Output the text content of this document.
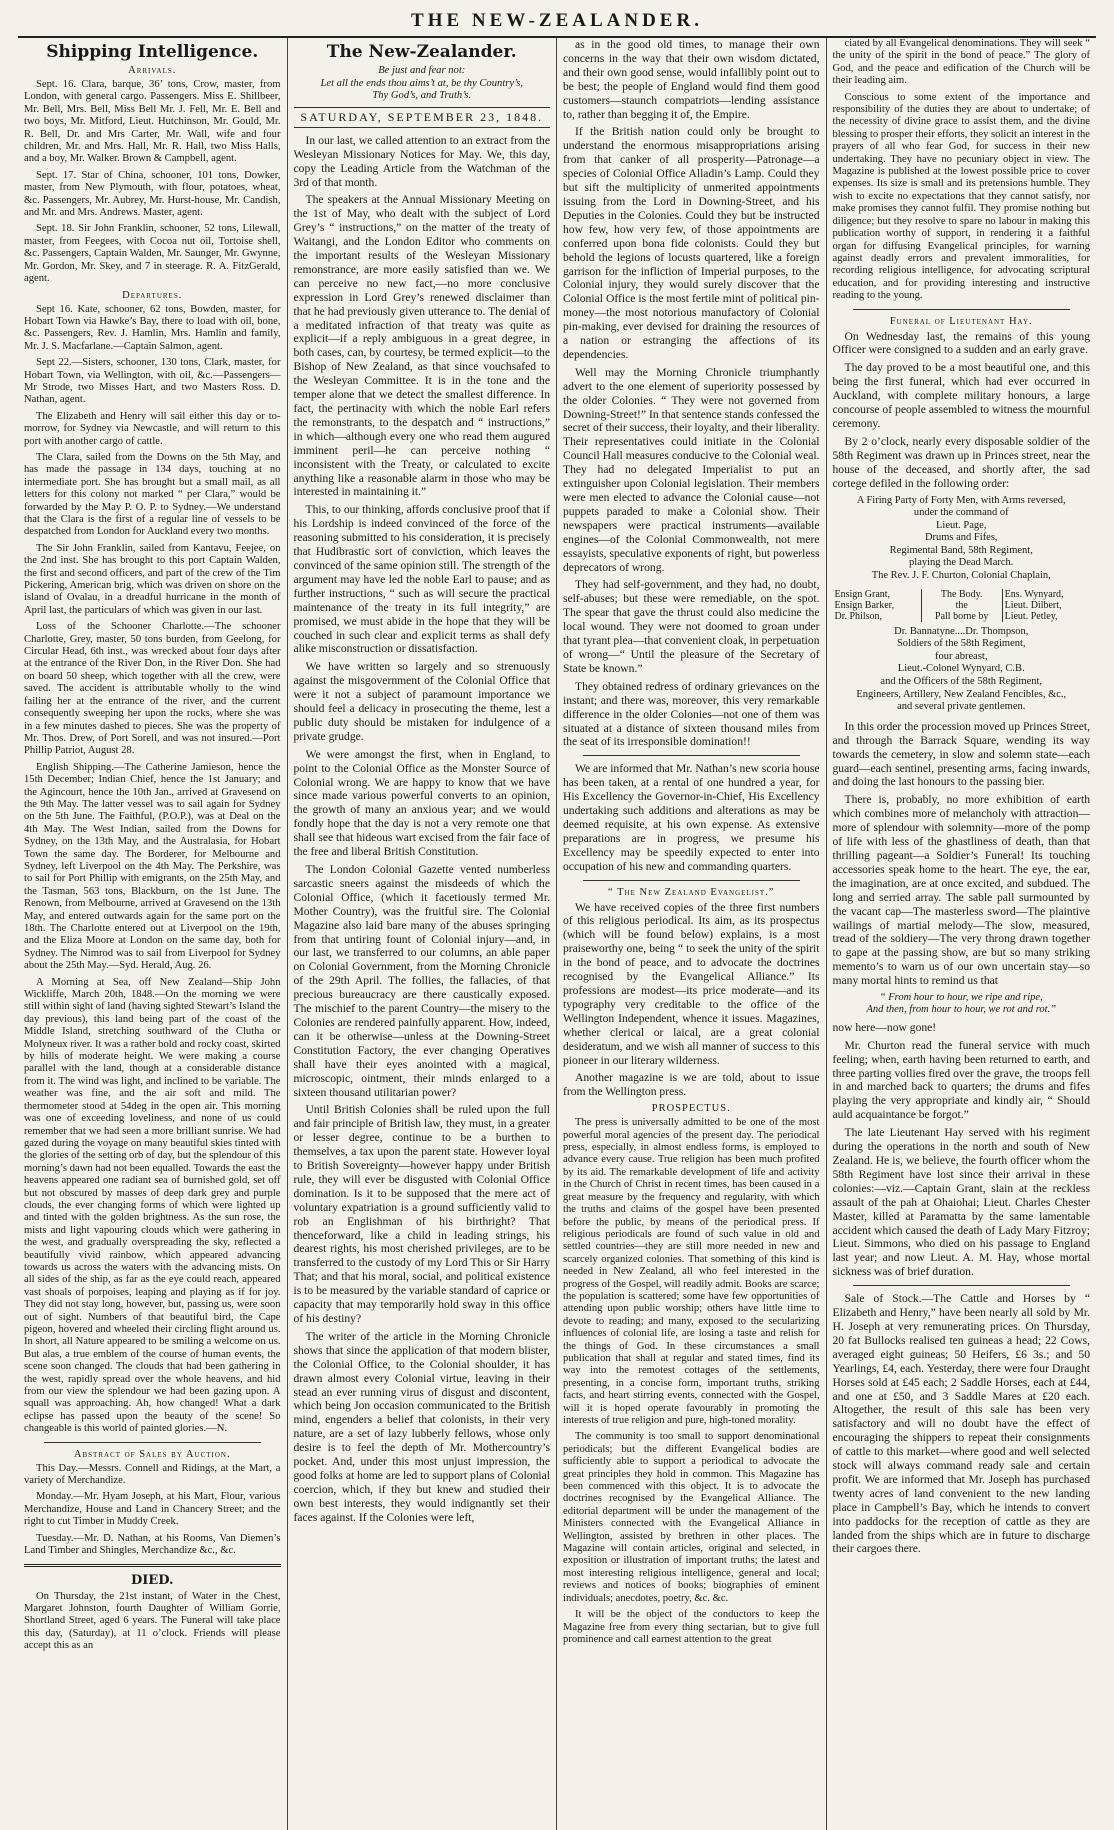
THE NEW-ZEALANDER.
Shipping Intelligence.
Arrivals.

Sept. 16. Clara, barque, 36’ tons, Crow, master, from London, with general cargo. Passengers. Miss E. Shillbeer, Mr. Bell, Mrs. Bell, Miss Bell Mr. J. Fell, Mr. E. Bell and two boys, Mr. Mitford, Lieut. Hutchinson, Mr. Gould, Mr. R. Bell, Dr. and Mrs Carter, Mr. Wall, wife and four children, Mr. and Mrs. Hall, Mr. R. Hall, two Miss Halls, and a boy, Mr. Walker. Brown & Campbell, agent.

Sept. 17. Star of China, schooner, 101 tons, Dowker, master, from New Plymouth, with flour, potatoes, wheat, &c. Passengers, Mr. Aubrey, Mr. Hurst-house, Mr. Candish, and Mr. and Mrs. Andrews. Master, agent.

Sept. 18. Sir John Franklin, schooner, 52 tons, Lilewall, master, from Feegees, with Cocoa nut oil, Tortoise shell, &c. Passengers, Captain Walden, Mr. Saunger, Mr. Gwynne, Mr. Gordon, Mr. Skey, and 7 in steerage. R. A. FitzGerald, agent.

Departures.

Sept 16. Kate, schooner, 62 tons, Bowden, master, for Hobart Town via Hawke’s Bay, there to load with oil, bone, &c. Passengers, Rev. J. Hamlin, Mrs. Hamlin and family, Mr. J. S. Macfarlane.—Captain Salmon, agent.

Sept 22.—Sisters, schooner, 130 tons, Clark, master, for Hobart Town, via Wellington, with oil, &c.—Passengers—Mr Strode, two Misses Hart, and two Masters Ross. D. Nathan, agent.

The Elizabeth and Henry will sail either this day or to-morrow, for Sydney via Newcastle, and will return to this port with another cargo of cattle.

The Clara, sailed from the Downs on the 5th May, and has made the passage in 134 days, touching at no intermediate port. She has brought but a small mail, as all letters for this colony not marked “ per Clara,” would be forwarded by the May P. O. P. to Sydney.—We understand that the Clara is the first of a regular line of vessels to be despatched from London for Auckland every two months.

The Sir John Franklin, sailed from Kantavu, Feejee, on the 2nd inst. She has brought to this port Captain Walden, the first and second officers, and part of the crew of the Tim Pickering, American brig, which was driven on shore on the island of Ovalau, in a dreadful hurricane in the month of April last, the particulars of which was given in our last.

Loss of the Schooner Charlotte.—The schooner Charlotte, Grey, master, 50 tons burden, from Geelong, for Circular Head, 6th inst., was wrecked about four days after at the entrance of the River Don, in the River Don. She had on board 50 sheep, which together with all the crew, were saved. The accident is attributable wholly to the wind failing her at the entrance of the river, and the current consequently sweeping her upon the rocks, where she was in a few minutes dashed to pieces. She was the property of Mr. Thos. Drew, of Port Sorell, and was not insured.—Port Phillip Patriot, August 28.

English Shipping.—The Catherine Jamieson, hence the 15th December; Indian Chief, hence the 1st January; and the Agincourt, hence the 10th Jan., arrived at Gravesend on the 9th May. The latter vessel was to sail again for Sydney on the 5th June. The Faithful, (P.O.P.), was at Deal on the 4th May. The West Indian, sailed from the Downs for Sydney, on the 13th May, and the Australasia, for Hobart Town the same day. The Borderer, for Melbourne and Sydney, left Liverpool on the 4th May. The Perkshire, was to sail for Port Phillip with emigrants, on the 25th May, and the Tasman, 563 tons, Blackburn, on the 1st June. The Renown, from Melbourne, arrived at Gravesend on the 13th May, and entered outwards again for the same port on the 18th. The Charlotte entered out at Liverpool on the 19th, and the Eliza Moore at London on the same day, both for Sydney. The Nimrod was to sail from Liverpool for Sydney about the 25th May.—Syd. Herald, Aug. 26.

A Morning at Sea, off New Zealand—Ship John Wickliffe, March 20th, 1848.—On the morning we were still within sight of land (having sighted Stewart’s Island the day previous), this land being part of the coast of the Middle Island, stretching southward of the Clutha or Molyneux river. It was a rather bold and rocky coast, skirted by hills of moderate height. We were making a course parallel with the land, though at a considerable distance from it. The wind was light, and inclined to be variable. The weather was fine, and the air soft and mild. The thermometer stood at 54deg in the open air. This morning was one of exceeding loveliness, and none of us could remember that we had seen a more brilliant sunrise. We had gazed during the voyage on many beautiful skies tinted with the glories of the setting orb of day, but the splendour of this morning’s dawn had not been equalled. Towards the east the heavens appeared one radiant sea of burnished gold, set off but not obscured by masses of deep dark grey and purple clouds, the ever changing forms of which were lighted up and tinted with the golden brightness. As the sun rose, the mists and light vapouring clouds which were gathering in the west, and gradually overspreading the sky, reflected a beautifully vivid rainbow, which appeared advancing towards us across the waters with the advancing mists. On all sides of the ship, as far as the eye could reach, appeared vast shoals of porpoises, leaping and playing as if for joy. They did not stay long, however, but, passing us, were soon out of sight. Numbers of that beautiful bird, the Cape pigeon, hovered and wheeled their circling flight around us. In short, all Nature appeared to be smiling a welcome on us. But alas, a true emblem of the course of human events, the scene soon changed. The clouds that had been gathering in the west, rapidly spread over the whole heavens, and hid from our view the splendour we had been gazing upon. A squall was approaching. Ah, how changed! What a dark eclipse has passed upon the beauty of the scene! So changeable is this world of painted glories.—N.

Abstract of Sales by Auction.

This Day.—Messrs. Connell and Ridings, at the Mart, a variety of Merchandize.

Monday.—Mr. Hyam Joseph, at his Mart, Flour, various Merchandize, House and Land in Chancery Street; and the right to cut Timber in Muddy Creek.

Tuesday.—Mr. D. Nathan, at his Rooms, Van Diemen’s Land Timber and Shingles, Merchandize &c., &c.

DIED.

On Thursday, the 21st instant, of Water in the Chest, Margaret Johnston, fourth Daughter of William Gorrie, Shortland Street, aged 6 years. The Funeral will take place this day, (Saturday), at 11 o’clock. Friends will please accept this as an

The New-Zealander.
Be just and fear not:
Let all the ends thou aims’t at, be thy Country’s,
Thy God’s, and Truth’s.
SATURDAY, SEPTEMBER 23, 1848.

In our last, we called attention to an extract from the Wesleyan Missionary Notices for May. We, this day, copy the Leading Article from the Watchman of the 3rd of that month.

The speakers at the Annual Missionary Meeting on the 1st of May, who dealt with the subject of Lord Grey’s “ instructions,” on the matter of the treaty of Waitangi, and the London Editor who comments on the important results of the Wesleyan Missionary remonstrance, are more easily satisfied than we. We can perceive no new fact,—no more conclusive expression in Lord Grey’s renewed disclaimer than that he had previously given utterance to. The denial of a meditated infraction of that treaty was quite as explicit—if a reply ambiguous in a great degree, in both cases, can, by courtesy, be termed explicit—to the Bishop of New Zealand, as that since vouchsafed to the Wesleyan Committee. It is in the tone and the temper alone that we detect the smallest difference. In fact, the pertinacity with which the noble Earl refers the remonstrants, to the despatch and “ instructions,” in which—although every one who read them augured imminent peril—he can perceive nothing “ inconsistent with the Treaty, or calculated to excite anything like a reasonable alarm in those who may be interested in maintaining it.”

This, to our thinking, affords conclusive proof that if his Lordship is indeed convinced of the force of the reasoning submitted to his consideration, it is precisely that Hudibrastic sort of conviction, which leaves the convinced of the same opinion still. The strength of the argument may have led the noble Earl to pause; and as further instructions, “ such as will secure the practical maintenance of the treaty in its full integrity,” are promised, we must abide in the hope that they will be couched in such clear and explicit terms as shall defy alike misconstruction or dissatisfaction.

We have written so largely and so strenuously against the misgovernment of the Colonial Office that were it not a subject of paramount importance we should feel a delicacy in prosecuting the theme, lest a public duty should be mistaken for indulgence of a private grudge.

We were amongst the first, when in England, to point to the Colonial Office as the Monster Source of Colonial wrong. We are happy to know that we have since made various powerful converts to an opinion, the growth of many an anxious year; and we would fondly hope that the day is not a very remote one that shall see that hideous wart excised from the fair face of the free and liberal British Constitution.

The London Colonial Gazette vented numberless sarcastic sneers against the misdeeds of which the Colonial Office, (which it facetiously termed Mr. Mother Country), was the fruitful sire. The Colonial Magazine also laid bare many of the abuses springing from that untiring fount of Colonial injury—and, in our last, we transferred to our columns, an able paper on Colonial Government, from the Morning Chronicle of the 29th April. The follies, the fallacies, of that precious bureaucracy are there caustically exposed. The mischief to the parent Country—the misery to the Colonies are rendered painfully apparent. How, indeed, can it be otherwise—unless at the Downing-Street Constitution Factory, the ever changing Operatives shall have their eyes anointed with a magical, microscopic, ointment, their minds enlarged to a sixteen thousand utilitarian power?

Until British Colonies shall be ruled upon the full and fair principle of British law, they must, in a greater or lesser degree, continue to be a burthen to themselves, a tax upon the parent state. However loyal to British Sovereignty—however happy under British rule, they will ever be disgusted with Colonial Office domination. Is it to be supposed that the mere act of voluntary expatriation is a ground sufficiently valid to rob an Englishman of his birthright? That thenceforward, like a child in leading strings, his dearest rights, his most cherished privileges, are to be transferred to the custody of my Lord This or Sir Harry That; and that his moral, social, and political existence is to be measured by the variable standard of caprice or capacity that may temporarily hold sway in this office of his destiny?

The writer of the article in the Morning Chronicle shows that since the application of that modern blister, the Colonial Office, to the Colonial shoulder, it has drawn almost every Colonial virtue, leaving in their stead an ever running virus of disgust and discontent, which being Jon occasion communicated to the British mind, engenders a belief that colonists, in their very nature, are a set of lazy lubberly fellows, whose only desire is to feel the depth of Mr. Mothercountry’s pocket. And, under this most unjust impression, the good folks at home are led to support plans of Colonial coercion, which, if they but knew and studied their own best interests, they would indignantly set their faces against. If the Colonies were left,

as in the good old times, to manage their own concerns in the way that their own wisdom dictated, and their own good sense, would infallibly point out to be best; the people of England would find them good customers—staunch compatriots—lending assistance to, rather than begging it of, the Empire.

If the British nation could only be brought to understand the enormous misappropriations arising from that canker of all prosperity—Patronage—a species of Colonial Office Alladin’s Lamp. Could they but sift the multiplicity of unmerited appointments issuing from the Lord in Downing-Street, and his Deputies in the Colonies. Could they but be instructed how few, how very few, of those appointments are conferred upon bona fide colonists. Could they but behold the legions of locusts quartered, like a foreign garrison for the infliction of Imperial purposes, to the Colonial injury, they would surely discover that the Colonial Office is the most fertile mint of political pin-money—the most notorious manufactory of Colonial pin-making, ever devised for draining the resources of a nation or estranging the affections of its dependencies.

Well may the Morning Chronicle triumphantly advert to the one element of superiority possessed by the older Colonies. “ They were not governed from Downing-Street!” In that sentence stands confessed the secret of their success, their loyalty, and their liberality. Their representatives could initiate in the Colonial Council Hall measures conducive to the Colonial weal. They had no delegated Imperialist to put an extinguisher upon Colonial legislation. Their members were men elected to advance the Colonial cause—not puppets paraded to make a Colonial show. Their newspapers were practical instruments—available engines—of the Colonial Commonwealth, not mere essayists, speculative exponents of right, but powerless deprecators of wrong.

They had self-government, and they had, no doubt, self-abuses; but these were remediable, on the spot. The spear that gave the thrust could also medicine the local wound. They were not doomed to groan under that tyrant plea—that convenient cloak, in perpetuation of wrong—“ Until the pleasure of the Secretary of State be known.”

They obtained redress of ordinary grievances on the instant; and there was, moreover, this very remarkable difference in the older Colonies—not one of them was situated at a distance of sixteen thousand miles from the seat of its irresponsible domination!!

We are informed that Mr. Nathan’s new scoria house has been taken, at a rental of one hundred a year, for His Excellency the Governor-in-Chief, His Excellency undertaking such additions and alterations as may be deemed requisite, at his own expense. As extensive preparations are in progress, we presume his Excellency may be speedily expected to enter into occupation of his new and commanding quarters.

“ The New Zealand Evangelist.”

We have received copies of the three first numbers of this religious periodical. Its aim, as its prospectus (which will be found below) explains, is a most praiseworthy one, being “ to seek the unity of the spirit in the bond of peace, and to advocate the doctrines recognised by the Evangelical Alliance.” Its professions are modest—its price moderate—and its typography very creditable to the office of the Wellington Independent, whence it issues. Magazines, whether clerical or laical, are a great colonial desideratum, and we wish all manner of success to this pioneer in our literary wilderness.

Another magazine is we are told, about to issue from the Wellington press.

PROSPECTUS.

The press is universally admitted to be one of the most powerful moral agencies of the present day. The periodical press, especially, in almost endless forms, is employed to advance every cause. True religion has been much profited by its aid. The remarkable development of life and activity in the Church of Christ in recent times, has been caused in a great measure by the frequency and regularity, with which the truths and claims of the gospel have been presented before the public, by means of the periodical press. If religious periodicals are found of such value in old and settled countries—they are still more needed in new and scarcely organized colonies. That something of this kind is needed in New Zealand, all who feel interested in the progress of the Gospel, will readily admit. Books are scarce; the population is scattered; some have few opportunities of attending upon public worship; others have little time to devote to reading; and many, exposed to the secularizing influences of colonial life, are losing a taste and relish for the things of God. In these circumstances a small publication that shall at regular and stated times, find its way into the remotest cottages of the settlements, presenting, in a concise form, important truths, striking facts, and heart stirring events, connected with the Gospel, will it is hoped operate favourably in promoting the interests of true religion and pure, high-toned morality.

The community is too small to support denominational periodicals; but the different Evangelical bodies are sufficiently able to support a periodical to advocate the great principles they hold in common. This Magazine has been commenced with this object. It is to advocate the doctrines recognised by the Evangelical Alliance. The editorial department will be under the management of the Ministers connected with the Evangelical Alliance in Wellington, assisted by brethren in other places. The Magazine will contain articles, original and selected, in exposition or illustration of important truths; the latest and most interesting religious intelligence, general and local; reviews and notices of books; biographies of eminent individuals; anecdotes, poetry, &c. &c.

It will be the object of the conductors to keep the Magazine free from every thing sectarian, but to give full prominence and call earnest attention to the great

ciated by all Evangelical denominations. They will seek “ the unity of the spirit in the bond of peace.” The glory of God, and the peace and edification of the Church will be their leading aim.

Conscious to some extent of the importance and responsibility of the duties they are about to undertake; of the necessity of divine grace to assist them, and the divine blessing to prosper their efforts, they solicit an interest in the prayers of all who fear God, for success in their new undertaking. They have no pecuniary object in view. The Magazine is published at the lowest possible price to cover expenses. Its size is small and its pretensions humble. They wish to excite no expectations that they cannot satisfy, nor make promises they cannot fulfil. They promise nothing but diligence; but they resolve to spare no labour in making this publication worthy of support, in rendering it a faithful organ for diffusing Evangelical principles, for warning against deadly errors and prevalent immoralities, for recording religious intelligence, for advocating scriptural education, and for providing interesting and instructive reading to the young.

Funeral of Lieutenant Hay.

On Wednesday last, the remains of this young Officer were consigned to a sudden and an early grave.

The day proved to be a most beautiful one, and this being the first funeral, which had ever occurred in Auckland, with complete military honours, a large concourse of people assembled to witness the mournful ceremony.

By 2 o’clock, nearly every disposable soldier of the 58th Regiment was drawn up in Princes street, near the house of the deceased, and shortly after, the sad cortege defiled in the following order:

A Firing Party of Forty Men, with Arms reversed,
under the command of
Lieut. Page,
Drums and Fifes,
Regimental Band, 58th Regiment,
playing the Dead March.
The Rev. J. F. Churton, Colonial Chaplain,
Ensign Grant,
Ensign Barker,
Dr. Philson,	The Body.
the
Pall borne by	Ens. Wynyard,
Lieut. Dilbert,
Lieut. Petley,
Dr. Bannatyne....Dr. Thompson,
Soldiers of the 58th Regiment,
four abreast,
Lieut.-Colonel Wynyard, C.B.
and the Officers of the 58th Regiment,
Engineers, Artillery, New Zealand Fencibles, &c.,
and several private gentlemen.

In this order the procession moved up Princes Street, and through the Barrack Square, wending its way towards the cemetery, in slow and solemn state—each guard—each sentinel, presenting arms, facing inwards, and doing the last honours to the passing bier.

There is, probably, no more exhibition of earth which combines more of melancholy with attraction—more of splendour with solemnity—more of the pomp of life with less of the ghastliness of death, than that thrilling pageant—a Soldier’s Funeral! Its touching accessories speak home to the heart. The eye, the ear, the imagination, are at once excited, and subdued. The long and serried array. The sable pall surmounted by the vacant cap—The masterless sword—The plaintive wailings of martial melody—The slow, measured, tread of the soldiery—The very throng drawn together to gape at the passing show, are but so many striking memento’s to warn us of our own uncertain stay—so many mortal hints to remind us that

“ From hour to hour, we ripe and ripe,
And then, from hour to hour, we rot and rot.”

now here—now gone!

Mr. Churton read the funeral service with much feeling; when, earth having been returned to earth, and three parting vollies fired over the grave, the troops fell in and marched back to quarters; the drums and fifes playing the very appropriate and kindly air, “ Should auld acquaintance be forgot.”

The late Lieutenant Hay served with his regiment during the operations in the north and south of New Zealand. He is, we believe, the fourth officer whom the 58th Regiment have lost since their arrival in these colonies:—viz.—Captain Grant, slain at the reckless assault of the pah at Ohaiohai; Lieut. Charles Chester Master, killed at Paramatta by the same lamentable accident which caused the death of Lady Mary Fitzroy; Lieut. Simmons, who died on his passage to England last year; and now Lieut. A. M. Hay, whose mortal sickness was of brief duration.

Sale of Stock.—The Cattle and Horses by “ Elizabeth and Henry,” have been nearly all sold by Mr. H. Joseph at very remunerating prices. On Thursday, 20 fat Bullocks realised ten guineas a head; 22 Cows, averaged eight guineas; 50 Heifers, £6 3s.; and 50 Yearlings, £4, each. Yesterday, there were four Draught Horses sold at £45 each; 2 Saddle Horses, each at £44, and one at £50, and 3 Saddle Mares at £20 each. Altogether, the result of this sale has been very satisfactory and will no doubt have the effect of encouraging the shippers to repeat their consignments of cattle to this market—where good and well selected stock will always command ready sale and certain profit. We are informed that Mr. Joseph has purchased twenty acres of land convenient to the new landing place in Campbell’s Bay, which he intends to convert into paddocks for the reception of cattle as they are landed from the ships which are in future to discharge their cargoes there.
